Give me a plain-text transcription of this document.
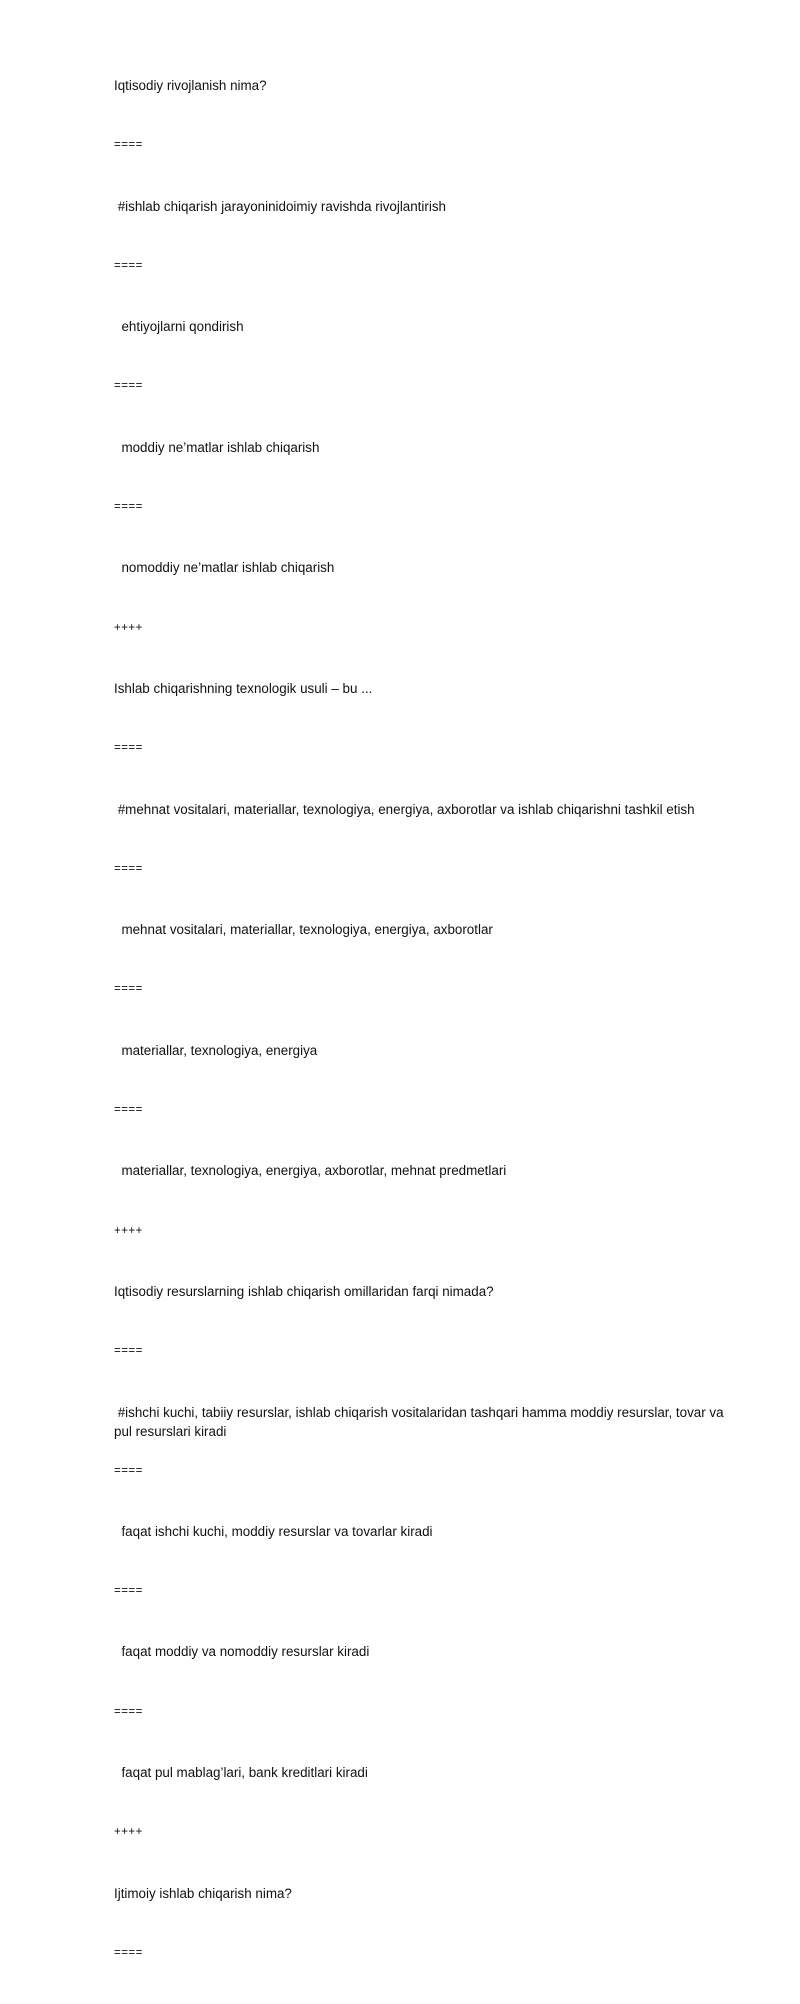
Iqtisodiy rivojlanish nima?
====
#ishlab chiqarish jarayoninidoimiy ravishda rivojlantirish
====
ehtiyojlarni qondirish
====
moddiy ne’matlar ishlab chiqarish
====
nomoddiy ne’matlar ishlab chiqarish
++++
Ishlab chiqarishning texnologik usuli – bu ...
====
#mehnat vositalari, materiallar, texnologiya, energiya, axborotlar va ishlab chiqarishni tashkil etish
====
mehnat vositalari, materiallar, texnologiya, energiya, axborotlar
====
materiallar, texnologiya, energiya
====
materiallar, texnologiya, energiya, axborotlar, mehnat predmetlari
++++
Iqtisodiy resurslarning ishlab chiqarish omillaridan farqi nimada?
====
#ishchi kuchi, tabiiy resurslar, ishlab chiqarish vositalaridan tashqari hamma moddiy resurslar, tovar va pul resurslari kiradi
====
faqat ishchi kuchi, moddiy resurslar va tovarlar kiradi
====
faqat moddiy va nomoddiy resurslar kiradi
====
faqat pul mablag’lari, bank kreditlari kiradi
++++
Ijtimoiy ishlab chiqarish nima?
====
